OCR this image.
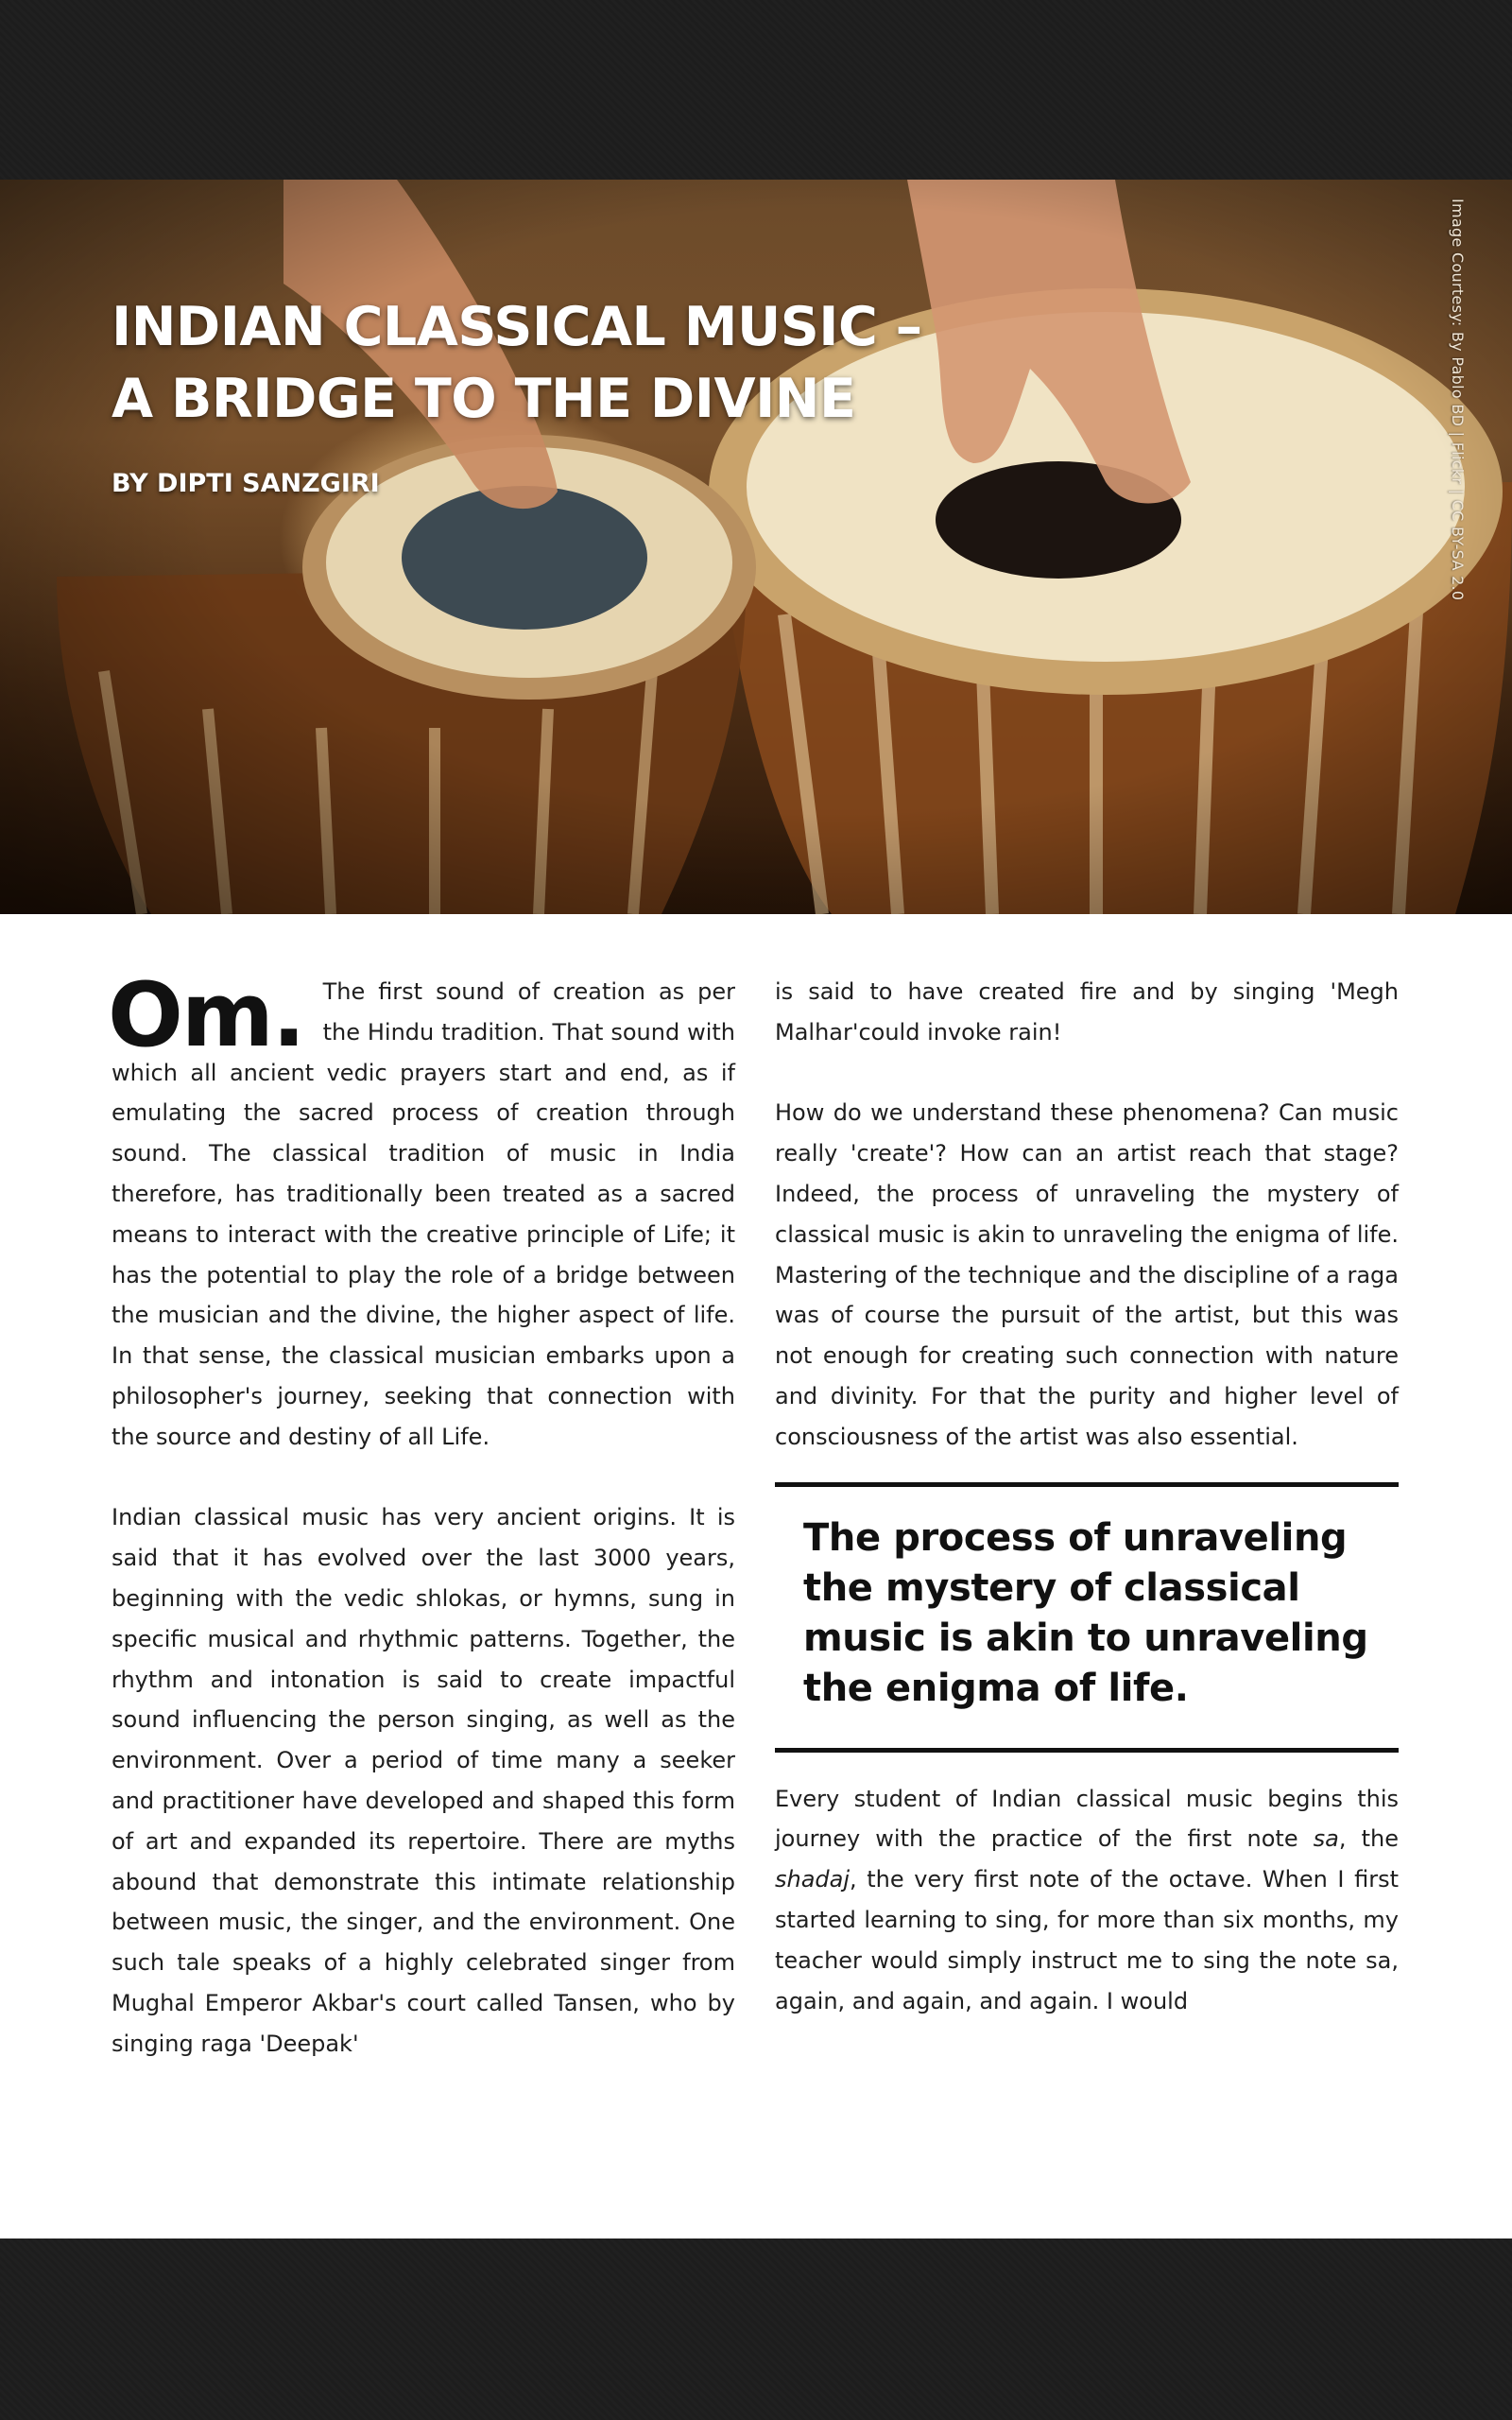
INDIAN CLASSICAL MUSIC –
A BRIDGE TO THE DIVINE
BY DIPTI SANZGIRI	Image Courtesy: By Pablo BD | Flickr | CC BY-SA 2.0

Om. The first sound of creation as per the Hindu tradition. That sound with which all ancient vedic prayers start and end, as if emulating the sacred process of creation through sound. The classical tradition of music in India therefore, has traditionally been treated as a sacred means to interact with the creative principle of Life; it has the potential to play the role of a bridge between the musician and the divine, the higher aspect of life. In that sense, the classical musician embarks upon a philosopher's journey, seeking that connection with the source and destiny of all Life.

Indian classical music has very ancient origins. It is said that it has evolved over the last 3000 years, beginning with the vedic shlokas, or hymns, sung in specific musical and rhythmic patterns. Together, the rhythm and intonation is said to create impactful sound influencing the person singing, as well as the environment. Over a period of time many a seeker and practitioner have developed and shaped this form of art and expanded its repertoire. There are myths abound that demonstrate this intimate relationship between music, the singer, and the environment. One such tale speaks of a highly celebrated singer from Mughal Emperor Akbar's court called Tansen, who by singing raga 'Deepak'

is said to have created fire and by singing 'Megh Malhar'could invoke rain!

How do we understand these phenomena? Can music really 'create'? How can an artist reach that stage? Indeed, the process of unraveling the mystery of classical music is akin to unraveling the enigma of life. Mastering of the technique and the discipline of a raga was of course the pursuit of the artist, but this was not enough for creating such connection with nature and divinity. For that the purity and higher level of consciousness of the artist was also essential.

The process of unraveling the mystery of classical music is akin to unraveling the enigma of life.

Every student of Indian classical music begins this journey with the practice of the first note sa, the shadaj, the very first note of the octave. When I first started learning to sing, for more than six months, my teacher would simply instruct me to sing the note sa, again, and again, and again. I would
